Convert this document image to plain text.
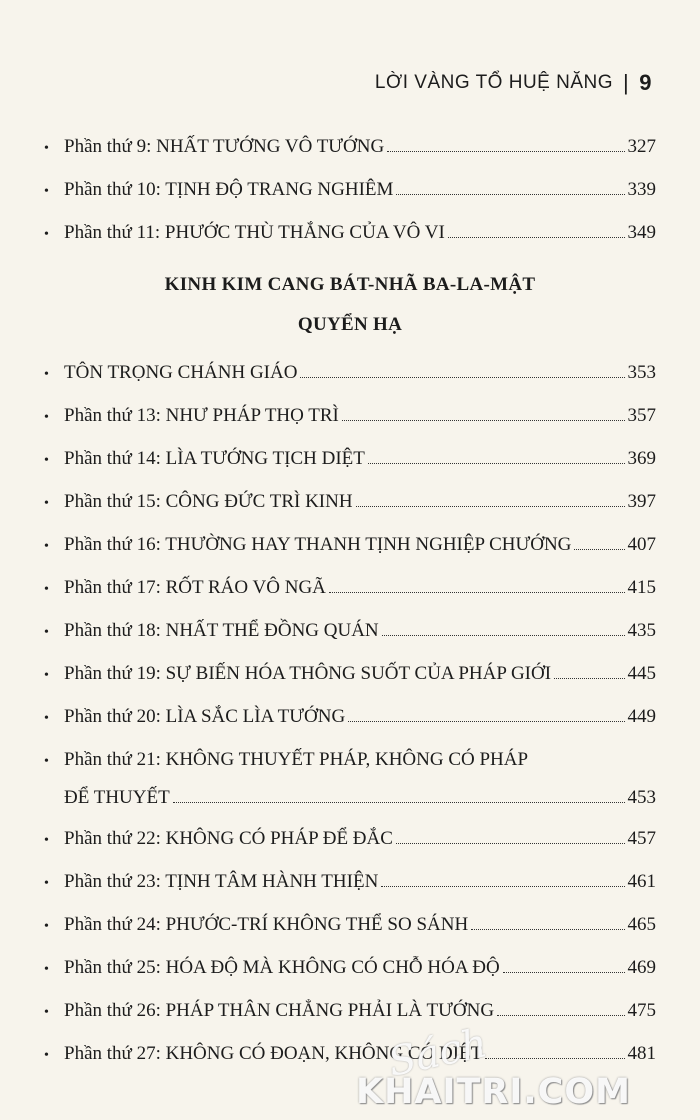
LỜI VÀNG TỔ HUỆ NĂNG | 9
• Phần thứ 9: NHẤT TƯỚNG VÔ TƯỚNG	327
• Phần thứ 10: TỊNH ĐỘ TRANG NGHIÊM	339
• Phần thứ 11: PHƯỚC THÙ THẮNG CỦA VÔ VI	349
KINH KIM CANG BÁT-NHÃ BA-LA-MẬT
QUYỂN HẠ
• TÔN TRỌNG CHÁNH GIÁO	353
• Phần thứ 13: NHƯ PHÁP THỌ TRÌ	357
• Phần thứ 14: LÌA TƯỚNG TỊCH DIỆT	369
• Phần thứ 15: CÔNG ĐỨC TRÌ KINH	397
• Phần thứ 16: THƯỜNG HAY THANH TỊNH NGHIỆP CHƯỚNG	407
• Phần thứ 17: RỐT RÁO VÔ NGÃ	415
• Phần thứ 18: NHẤT THỂ ĐỒNG QUÁN	435
• Phần thứ 19: SỰ BIẾN HÓA THÔNG SUỐT CỦA PHÁP GIỚI	445
• Phần thứ 20: LÌA SẮC LÌA TƯỚNG	449
• Phần thứ 21: KHÔNG THUYẾT PHÁP, KHÔNG CÓ PHÁP
ĐỂ THUYẾT	453
• Phần thứ 22: KHÔNG CÓ PHÁP ĐỂ ĐẮC	457
• Phần thứ 23: TỊNH TÂM HÀNH THIỆN	461
• Phần thứ 24: PHƯỚC-TRÍ KHÔNG THỂ SO SÁNH	465
• Phần thứ 25: HÓA ĐỘ MÀ KHÔNG CÓ CHỖ HÓA ĐỘ	469
• Phần thứ 26: PHÁP THÂN CHẲNG PHẢI LÀ TƯỚNG	475
• Phần thứ 27: KHÔNG CÓ ĐOẠN, KHÔNG CÓ DIỆT	481
Sách
KHAITRI.COM
